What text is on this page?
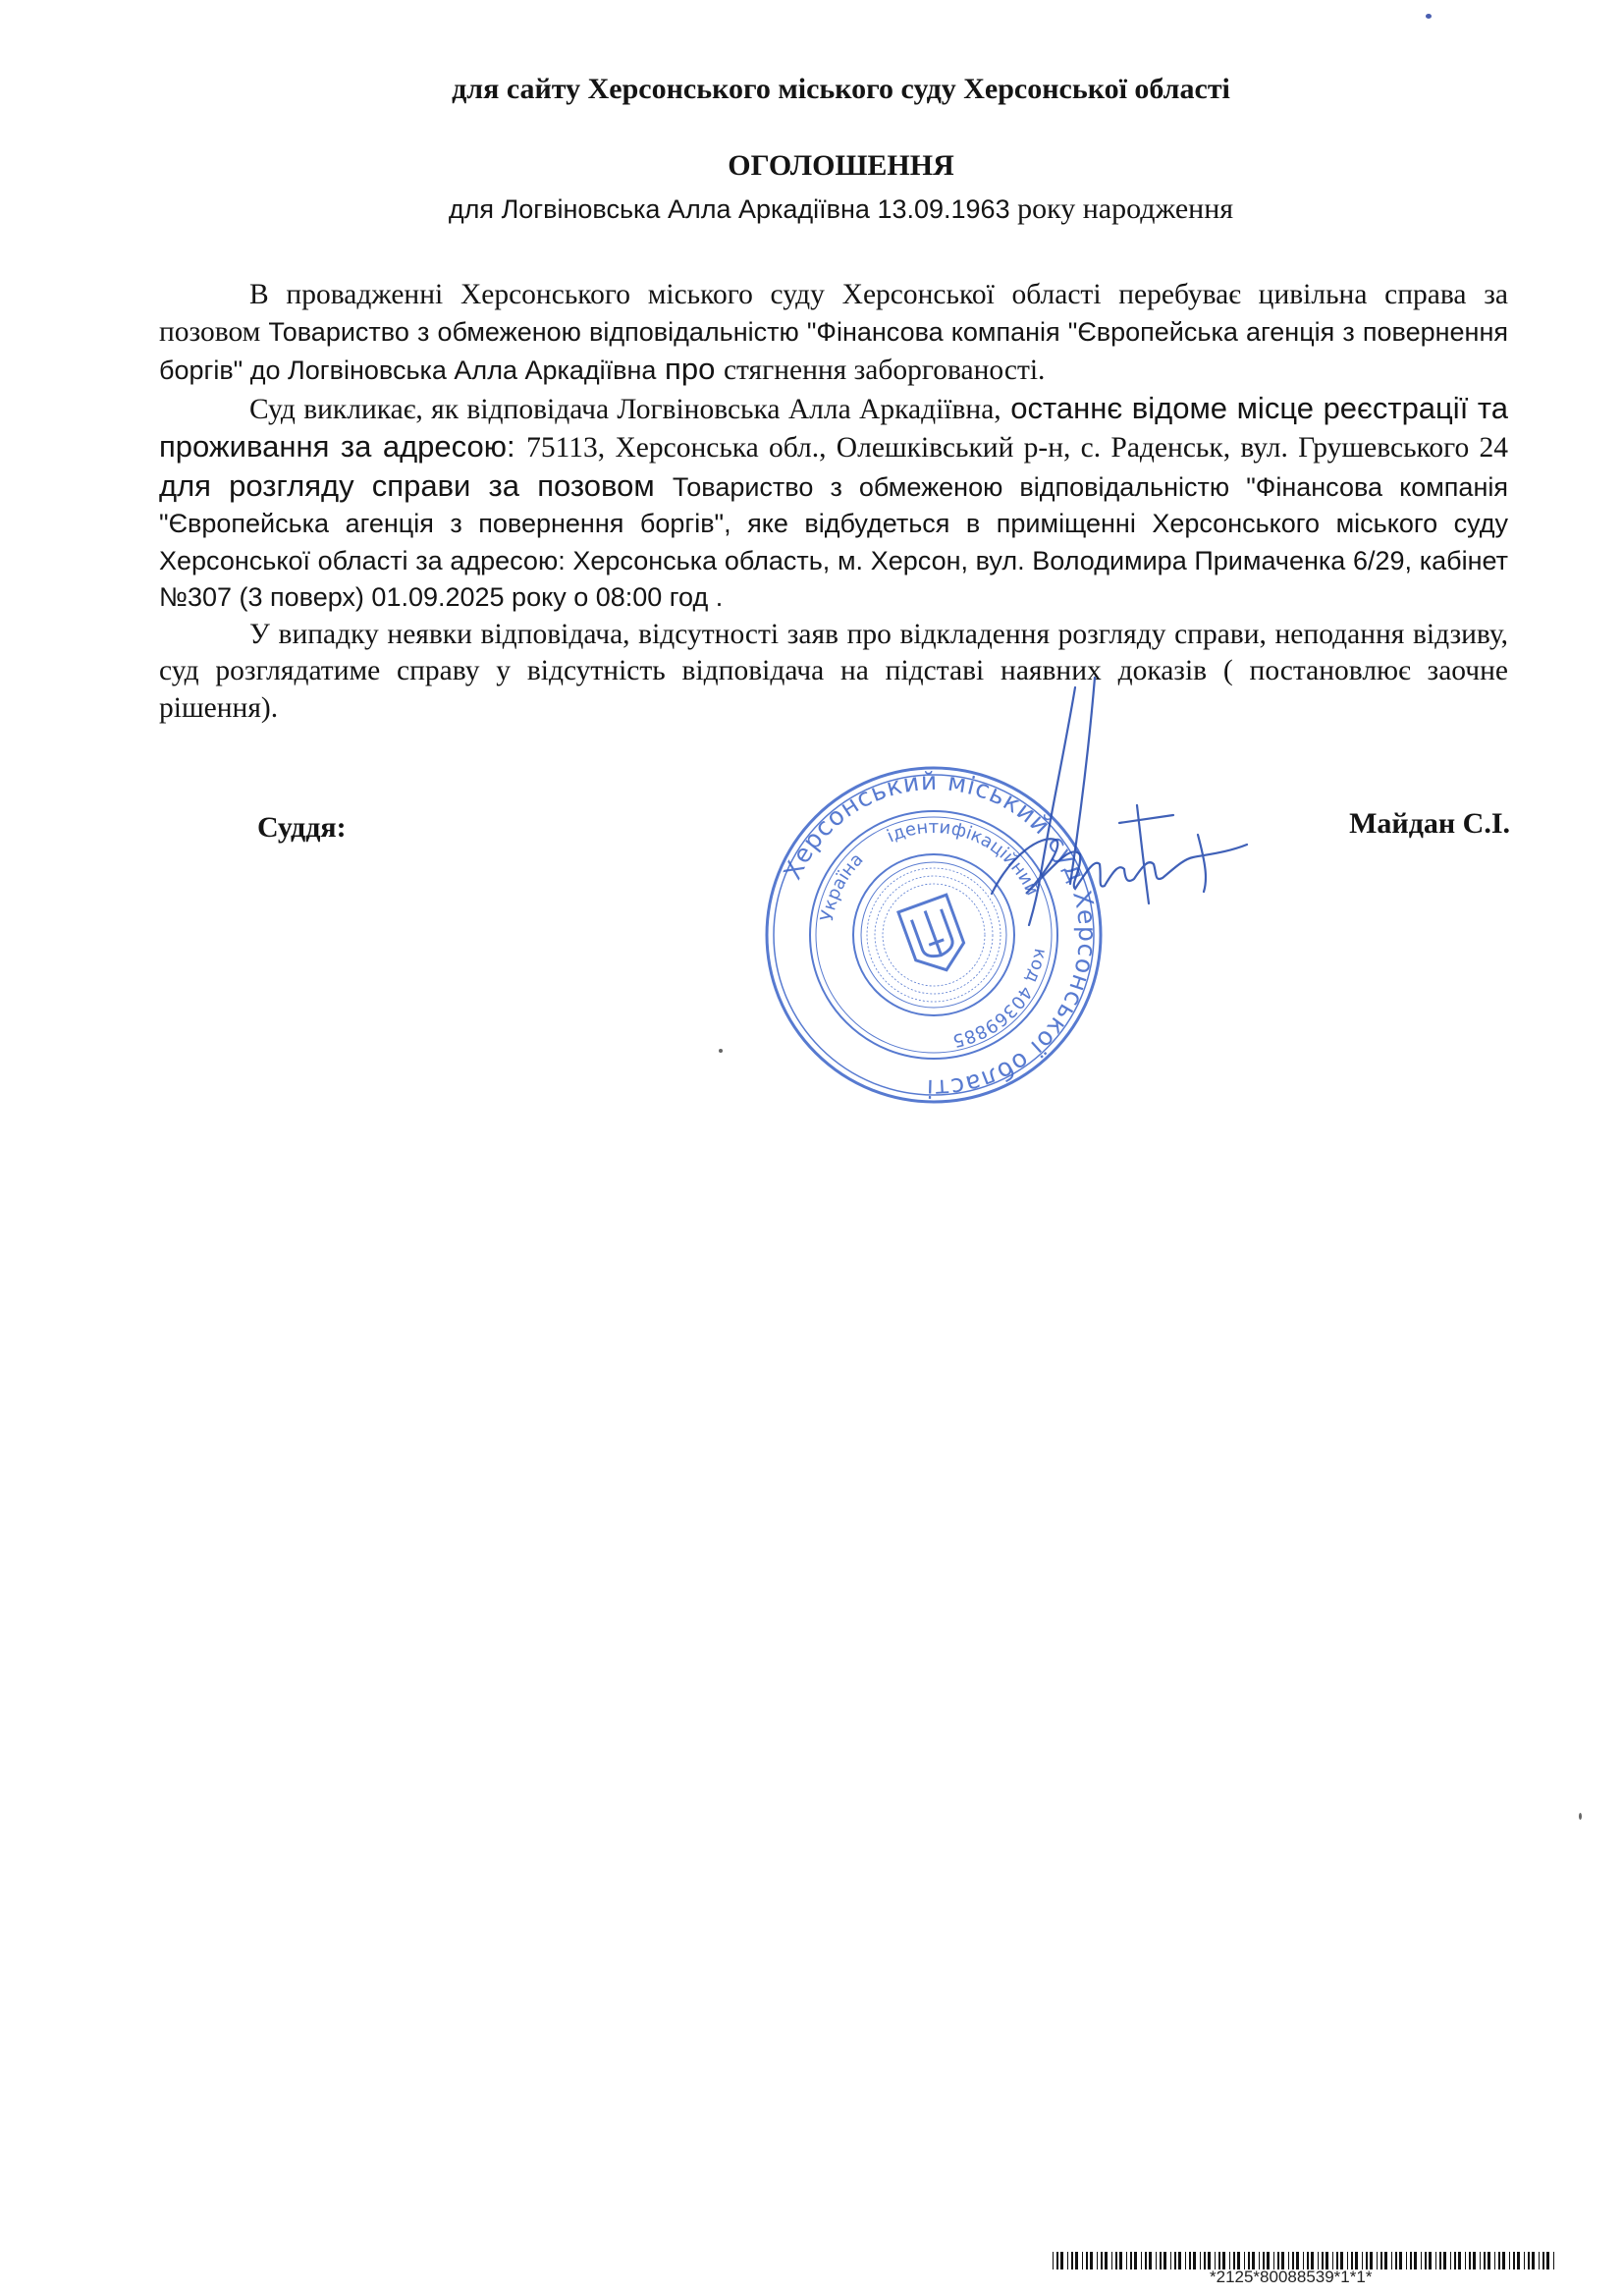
для сайту Херсонського міського суду Херсонської області
ОГОЛОШЕННЯ
для Логвіновська Алла Аркадіївна 13.09.1963 року народження

В провадженні Херсонського міського суду Херсонської області перебуває цивільна справа за позовом Товариство з обмеженою відповідальністю "Фінансова компанія "Європейська агенція з повернення боргів" до Логвіновська Алла Аркадіївна про стягнення заборгованості.

Суд викликає, як відповідача Логвіновська Алла Аркадіївна, останнє відоме місце реєстрації та проживання за адресою: 75113, Херсонська обл., Олешківський р-н, с. Раденськ, вул. Грушевського 24 для розгляду справи за позовом Товариство з обмеженою відповідальністю "Фінансова компанія "Європейська агенція з повернення боргів", яке відбудеться в приміщенні Херсонського міського суду Херсонської області за адресою: Херсонська область, м. Херсон, вул. Володимира Примаченка 6/29, кабінет №307 (3 поверх) 01.09.2025 року о 08:00 год .

У випадку неявки відповідача, відсутності заяв про відкладення розгляду справи, неподання відзиву, суд розглядатиме справу у відсутність відповідача на підставі наявних доказів ( постановлює заочне рішення).

Суддя:	Майдан С.І.
Херсонський міський суд Херсонської області
Україна
ідентифікаційний
код 40369885
*2125*80088539*1*1*
